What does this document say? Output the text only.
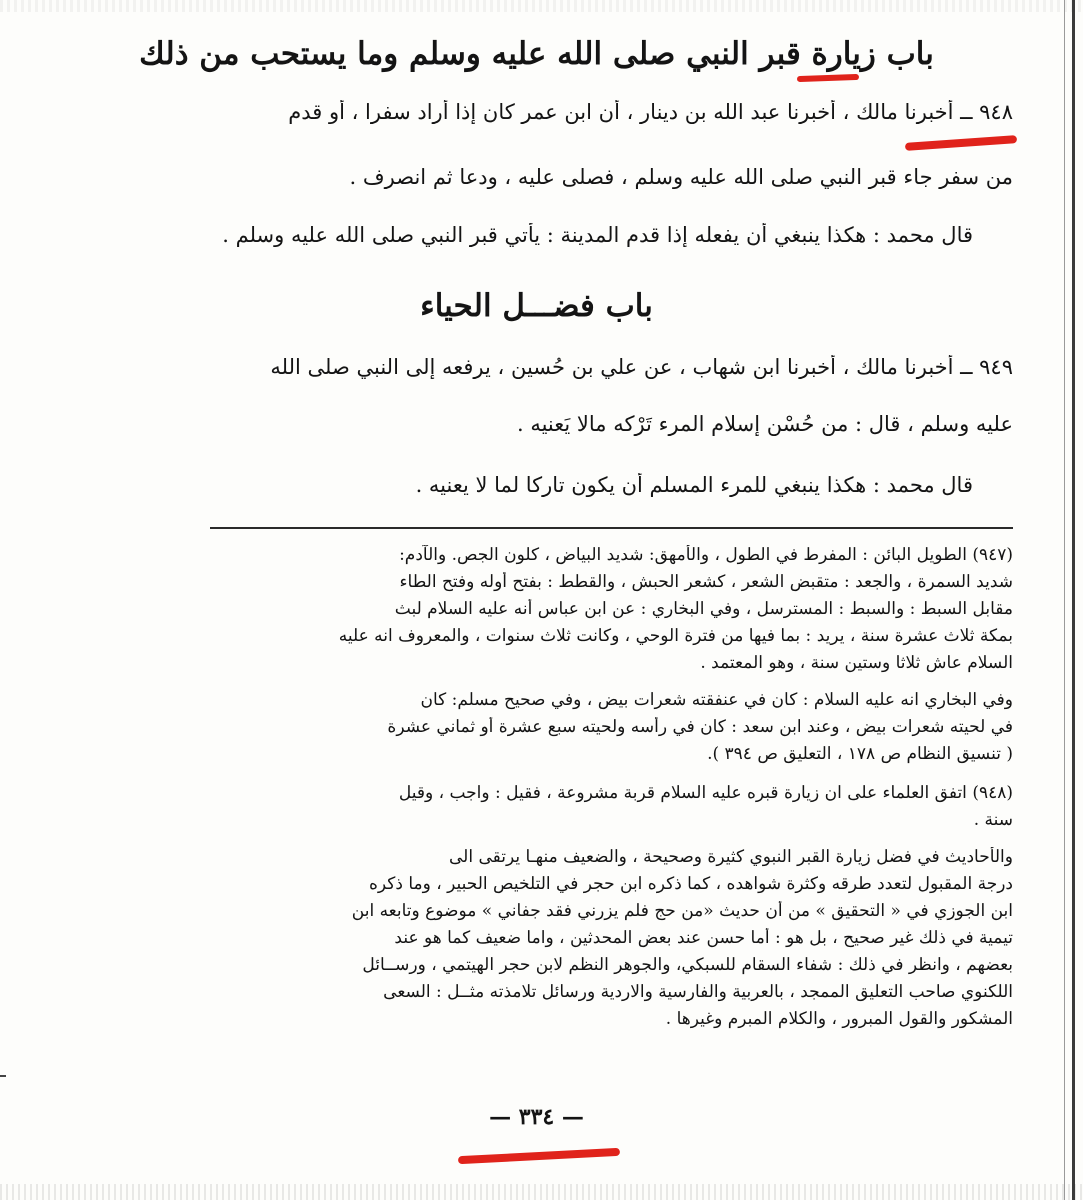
باب زيارة قبر النبي صلى الله عليه وسلم وما يستحب من ذلك
٩٤٨ ــ أخبرنا مالك ، أخبرنا عبد الله بن دينار ، أن ابن عمر كان إذا أراد سفرا ، أو قدم
من سفر جاء قبر النبي صلى الله عليه وسلم ، فصلى عليه ، ودعا ثم انصرف .
قال محمد : هكذا ينبغي أن يفعله إذا قدم المدينة : يأتي قبر النبي صلى الله عليه وسلم .
باب فضـــل الحياء
٩٤٩ ــ أخبرنا مالك ، أخبرنا ابن شهاب ، عن علي بن حُسين ، يرفعه إلى النبي صلى الله
عليه وسلم ، قال : من حُسْن إسلام المرء تَرْكه مالا يَعنيه .
قال محمد : هكذا ينبغي للمرء المسلم أن يكون تاركا لما لا يعنيه .
(٩٤٧) الطويل البائن : المفرط في الطول ، والأمهق: شديد البياض ، كلون الجص. والآدم:
شديد السمرة ، والجعد : متقبض الشعر ، كشعر الحبش ، والقطط : بفتح أوله وفتح الطاء
مقابل السبط : والسبط : المسترسل ، وفي البخاري : عن ابن عباس أنه عليه السلام لبث
بمكة ثلاث عشرة سنة ، يريد : بما فيها من فترة الوحي ، وكانت ثلاث سنوات ، والمعروف انه عليه
السلام عاش ثلاثا وستين سنة ، وهو المعتمد .
وفي البخاري انه عليه السلام : كان في عنفقته شعرات بيض ، وفي صحيح مسلم: كان
في لحيته شعرات بيض ، وعند ابن سعد : كان في رأسه ولحيته سبع عشرة أو ثماني عشرة
( تنسيق النظام ص ١٧٨ ، التعليق ص ٣٩٤ ).
(٩٤٨) اتفق العلماء على ان زيارة قبره عليه السلام قربة مشروعة ، فقيل : واجب ، وقيل
سنة .
والأحاديث في فضل زيارة القبر النبوي كثيرة وصحيحة ، والضعيف منهـا يرتقى الى
درجة المقبول لتعدد طرقه وكثرة شواهده ، كما ذكره ابن حجر في التلخيص الحبير ، وما ذكره
ابن الجوزي في « التحقيق » من أن حديث «من حج فلم يزرني فقد جفاني » موضوع وتابعه ابن
تيمية في ذلك غير صحيح ، بل هو : أما حسن عند بعض المحدثين ، واما ضعيف كما هو عند
بعضهم ، وانظر في ذلك : شفاء السقام للسبكي، والجوهر النظم لابن حجر الهيتمي ، ورســائل
اللكنوي صاحب التعليق الممجد ، بالعربية والفارسية والاردية ورسائل تلامذته مثــل : السعى
المشكور والقول المبرور ، والكلام المبرم وغيرها .
— ٣٣٤ —
